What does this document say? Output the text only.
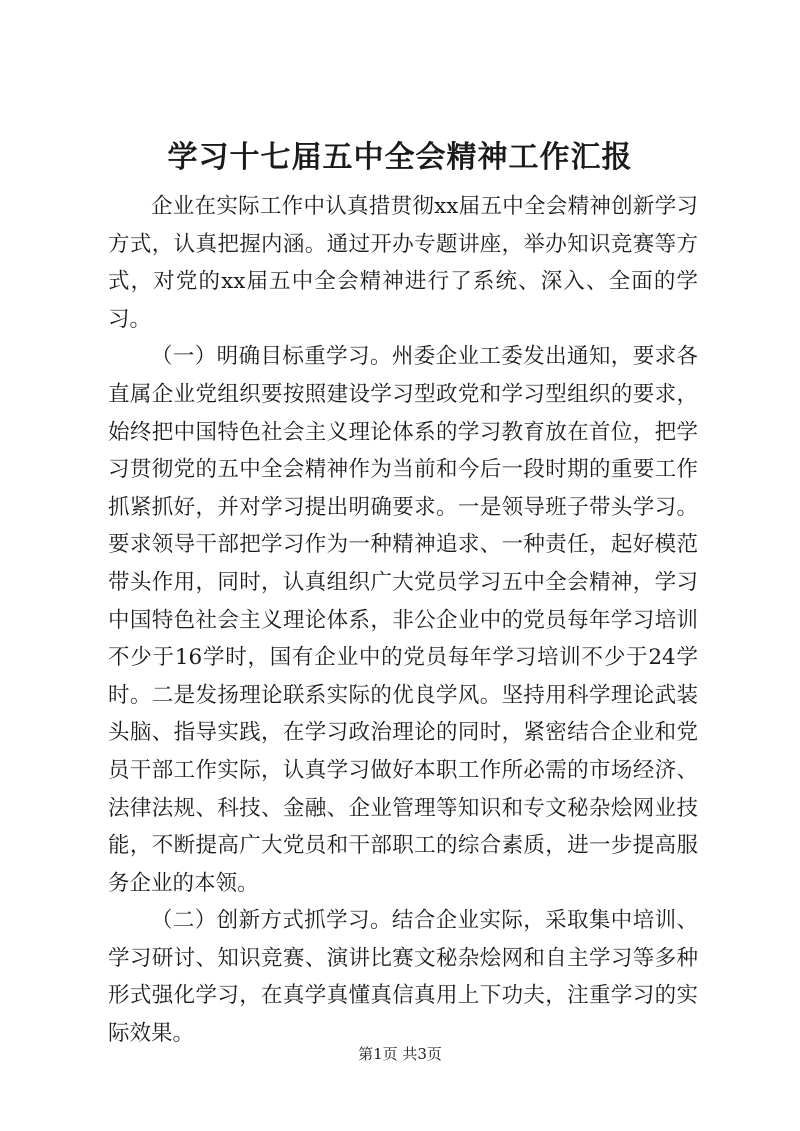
学习十七届五中全会精神工作汇报

企业在实际工作中认真措贯彻xx届五中全会精神创新学习方式，认真把握内涵。通过开办专题讲座，举办知识竞赛等方式，对党的xx届五中全会精神进行了系统、深入、全面的学习。

（一）明确目标重学习。州委企业工委发出通知，要求各直属企业党组织要按照建设学习型政党和学习型组织的要求，始终把中国特色社会主义理论体系的学习教育放在首位，把学习贯彻党的五中全会精神作为当前和今后一段时期的重要工作抓紧抓好，并对学习提出明确要求。一是领导班子带头学习。要求领导干部把学习作为一种精神追求、一种责任，起好模范带头作用，同时，认真组织广大党员学习五中全会精神，学习中国特色社会主义理论体系，非公企业中的党员每年学习培训不少于16学时，国有企业中的党员每年学习培训不少于24学时。二是发扬理论联系实际的优良学风。坚持用科学理论武装头脑、指导实践，在学习政治理论的同时，紧密结合企业和党员干部工作实际，认真学习做好本职工作所必需的市场经济、法律法规、科技、金融、企业管理等知识和专文秘杂烩网业技能，不断提高广大党员和干部职工的综合素质，进一步提高服务企业的本领。

（二）创新方式抓学习。结合企业实际，采取集中培训、学习研讨、知识竞赛、演讲比赛文秘杂烩网和自主学习等多种形式强化学习，在真学真懂真信真用上下功夫，注重学习的实际效果。

第1页 共3页
